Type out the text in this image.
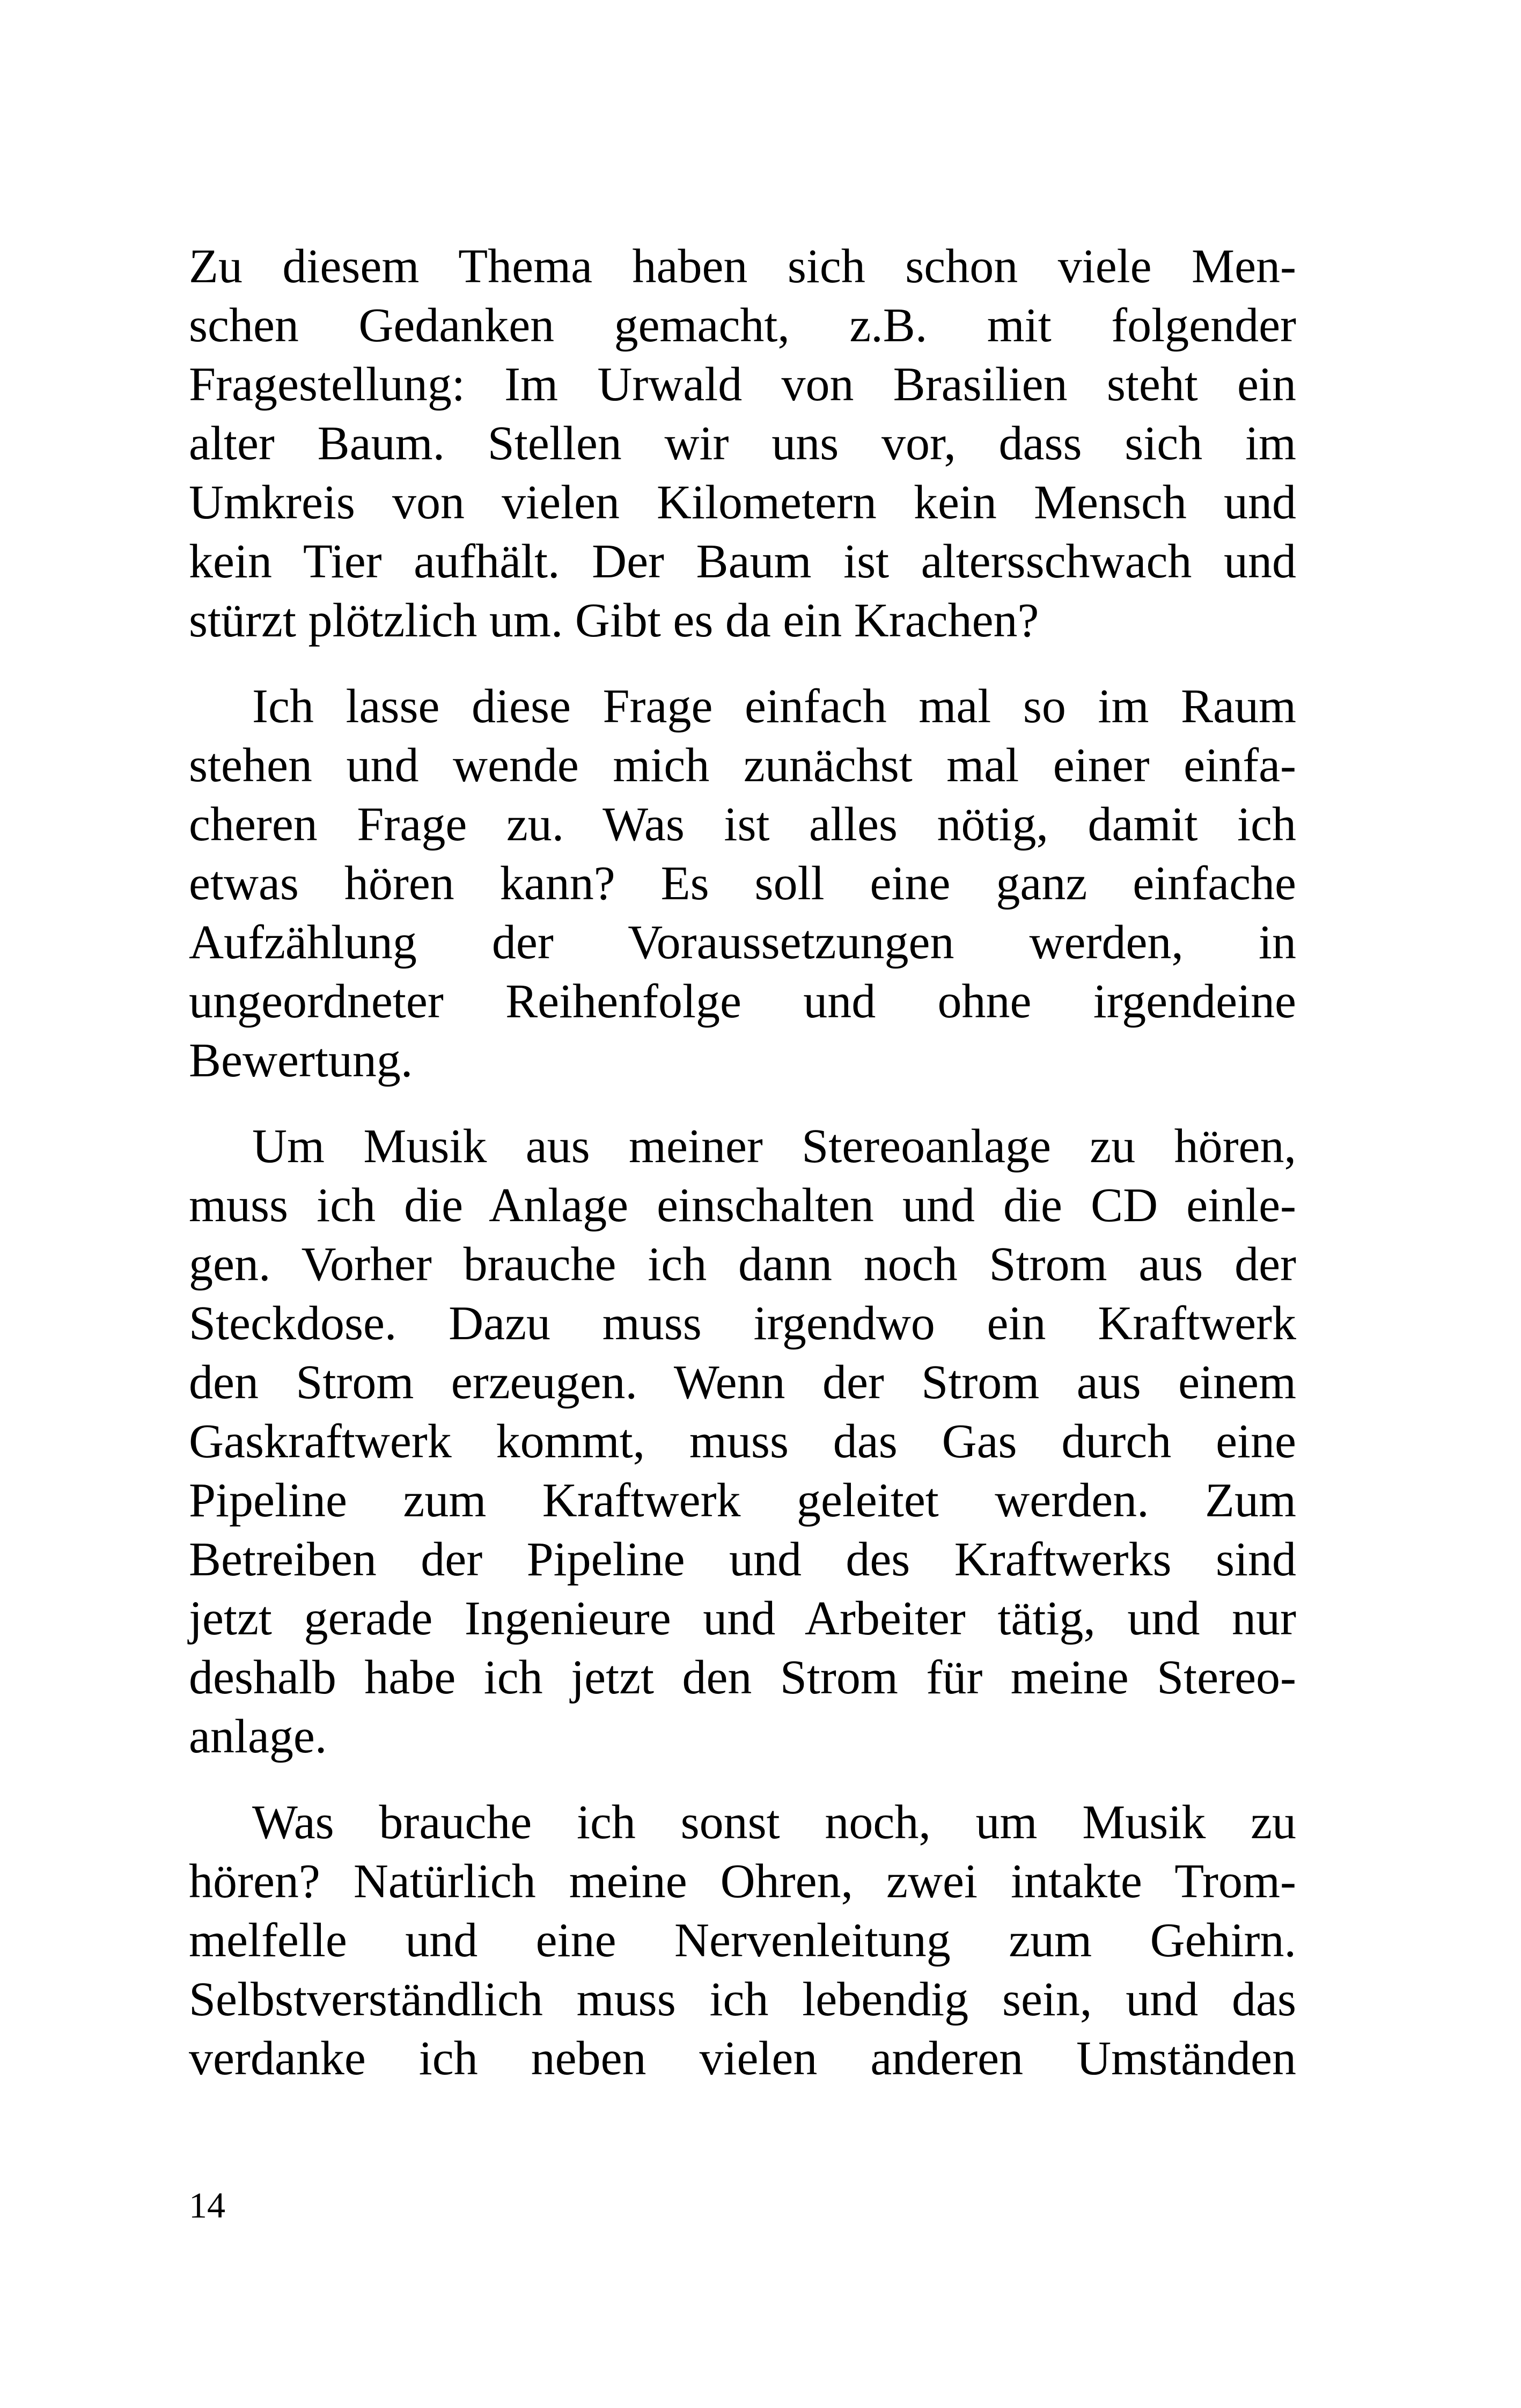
Zu diesem Thema haben sich schon viele Men-
schen Gedanken gemacht, z.B. mit folgender
Fragestellung: Im Urwald von Brasilien steht ein
alter Baum. Stellen wir uns vor, dass sich im
Umkreis von vielen Kilometern kein Mensch und
kein Tier aufhält. Der Baum ist altersschwach und
stürzt plötzlich um. Gibt es da ein Krachen?
Ich lasse diese Frage einfach mal so im Raum
stehen und wende mich zunächst mal einer einfa-
cheren Frage zu. Was ist alles nötig, damit ich
etwas hören kann? Es soll eine ganz einfache
Aufzählung der Voraussetzungen werden, in
ungeordneter Reihenfolge und ohne irgendeine
Bewertung.
Um Musik aus meiner Stereoanlage zu hören,
muss ich die Anlage einschalten und die CD einle-
gen. Vorher brauche ich dann noch Strom aus der
Steckdose. Dazu muss irgendwo ein Kraftwerk
den Strom erzeugen. Wenn der Strom aus einem
Gaskraftwerk kommt, muss das Gas durch eine
Pipeline zum Kraftwerk geleitet werden. Zum
Betreiben der Pipeline und des Kraftwerks sind
jetzt gerade Ingenieure und Arbeiter tätig, und nur
deshalb habe ich jetzt den Strom für meine Stereo-
anlage.
Was brauche ich sonst noch, um Musik zu
hören? Natürlich meine Ohren, zwei intakte Trom-
melfelle und eine Nervenleitung zum Gehirn.
Selbstverständlich muss ich lebendig sein, und das
verdanke ich neben vielen anderen Umständen
14
